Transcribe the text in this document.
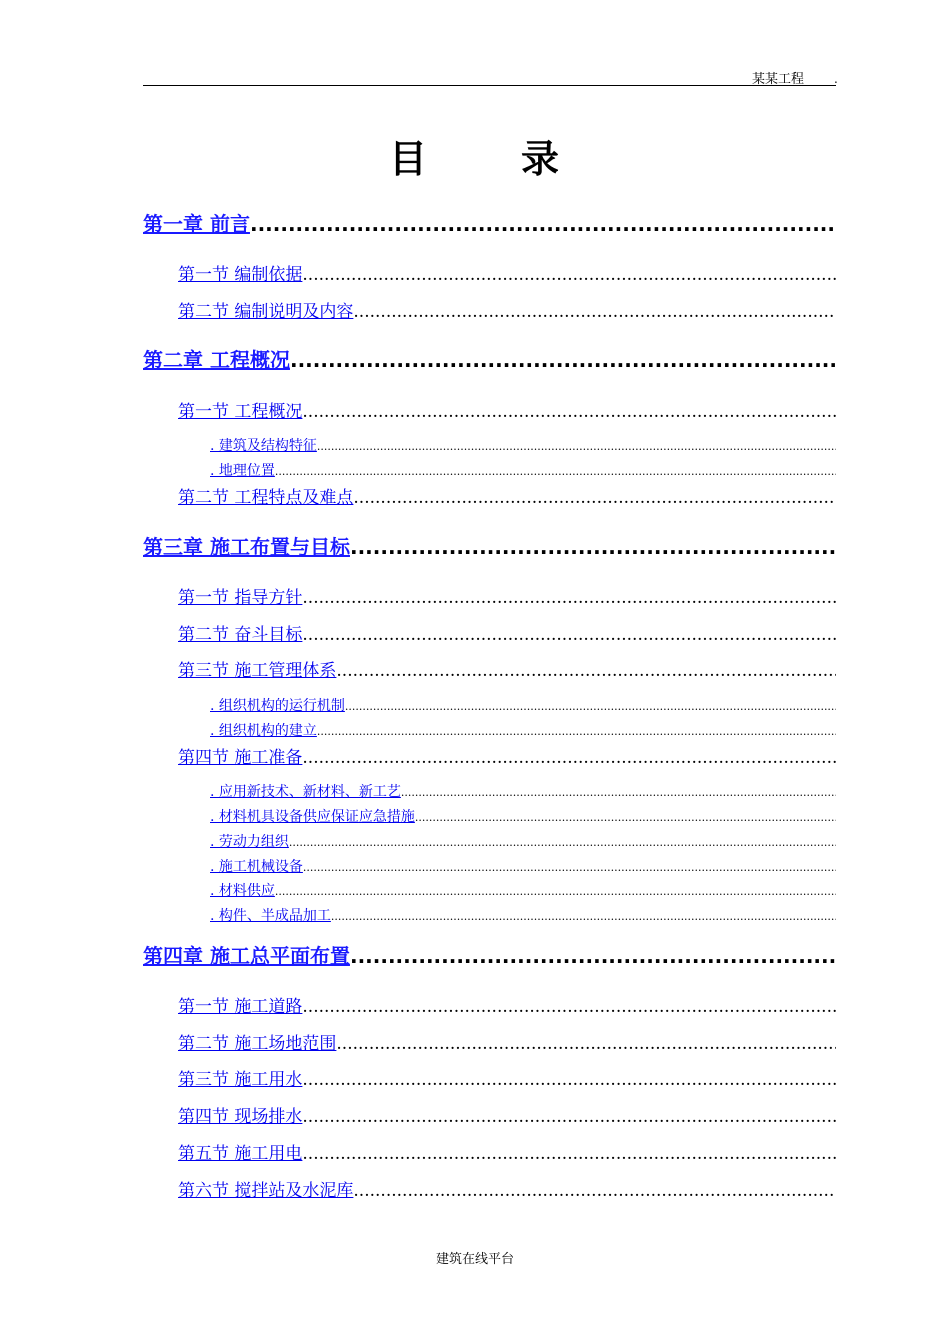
某某工程 .
目 录
第一章 前言
.....
第一节 编制依据
.....
第二节 编制说明及内容
.....
第二章 工程概况
.....
第一节 工程概况
.....
. 建筑及结构特征
.....
. 地理位置
.....
第二节 工程特点及难点
.....
第三章 施工布置与目标
.....
第一节 指导方针
.....
第二节 奋斗目标
.....
第三节 施工管理体系
.....
. 组织机构的运行机制
.....
. 组织机构的建立
.....
第四节 施工准备
.....
. 应用新技术、新材料、新工艺
.....
. 材料机具设备供应保证应急措施
.....
. 劳动力组织
.....
. 施工机械设备
.....
. 材料供应
.....
. 构件、半成品加工
.....
第四章 施工总平面布置
.....
第一节 施工道路
.....
第二节 施工场地范围
.....
第三节 施工用水
.....
第四节 现场排水
.....
第五节 施工用电
.....
第六节 搅拌站及水泥库
.....
建筑在线平台
